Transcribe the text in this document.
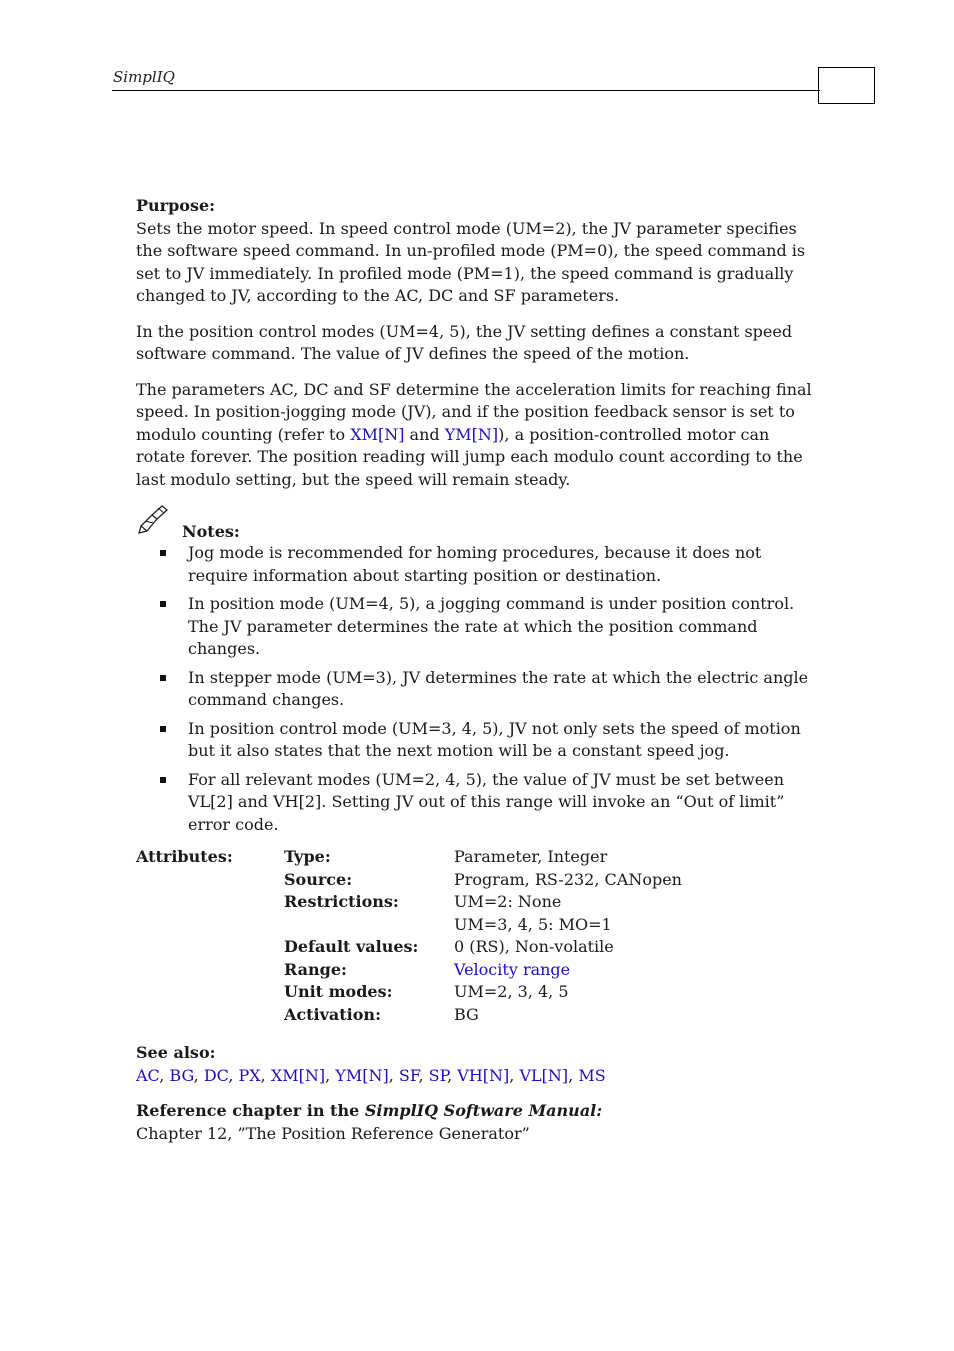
SimplIQ
Purpose:
Sets the motor speed. In speed control mode (UM=2), the JV parameter specifies the software speed command. In un-profiled mode (PM=0), the speed command is set to JV immediately. In profiled mode (PM=1), the speed command is gradually changed to JV, according to the AC, DC and SF parameters.
In the position control modes (UM=4, 5), the JV setting defines a constant speed software command. The value of JV defines the speed of the motion.
The parameters AC, DC and SF determine the acceleration limits for reaching final speed. In position-jogging mode (JV), and if the position feedback sensor is set to modulo counting (refer to XM[N] and YM[N]), a position-controlled motor can rotate forever. The position reading will jump each modulo count according to the last modulo setting, but the speed will remain steady.
Notes:
Jog mode is recommended for homing procedures, because it does not require information about starting position or destination.
In position mode (UM=4, 5), a jogging command is under position control. The JV parameter determines the rate at which the position command changes.
In stepper mode (UM=3), JV determines the rate at which the electric angle command changes.
In position control mode (UM=3, 4, 5), JV not only sets the speed of motion but it also states that the next motion will be a constant speed jog.
For all relevant modes (UM=2, 4, 5), the value of JV must be set between VL[2] and VH[2]. Setting JV out of this range will invoke an “Out of limit” error code.
Attributes:	Type:	Parameter, Integer
Source:	Program, RS-232, CANopen
Restrictions:	UM=2: None
UM=3, 4, 5: MO=1
Default values: 0 (RS), Non-volatile
Range:	Velocity range
Unit modes:	UM=2, 3, 4, 5
Activation:	BG
See also:
AC, BG, DC, PX, XM[N], YM[N], SF, SP, VH[N], VL[N], MS
Reference chapter in the SimplIQ Software Manual:
Chapter 12, ”The Position Reference Generator”
